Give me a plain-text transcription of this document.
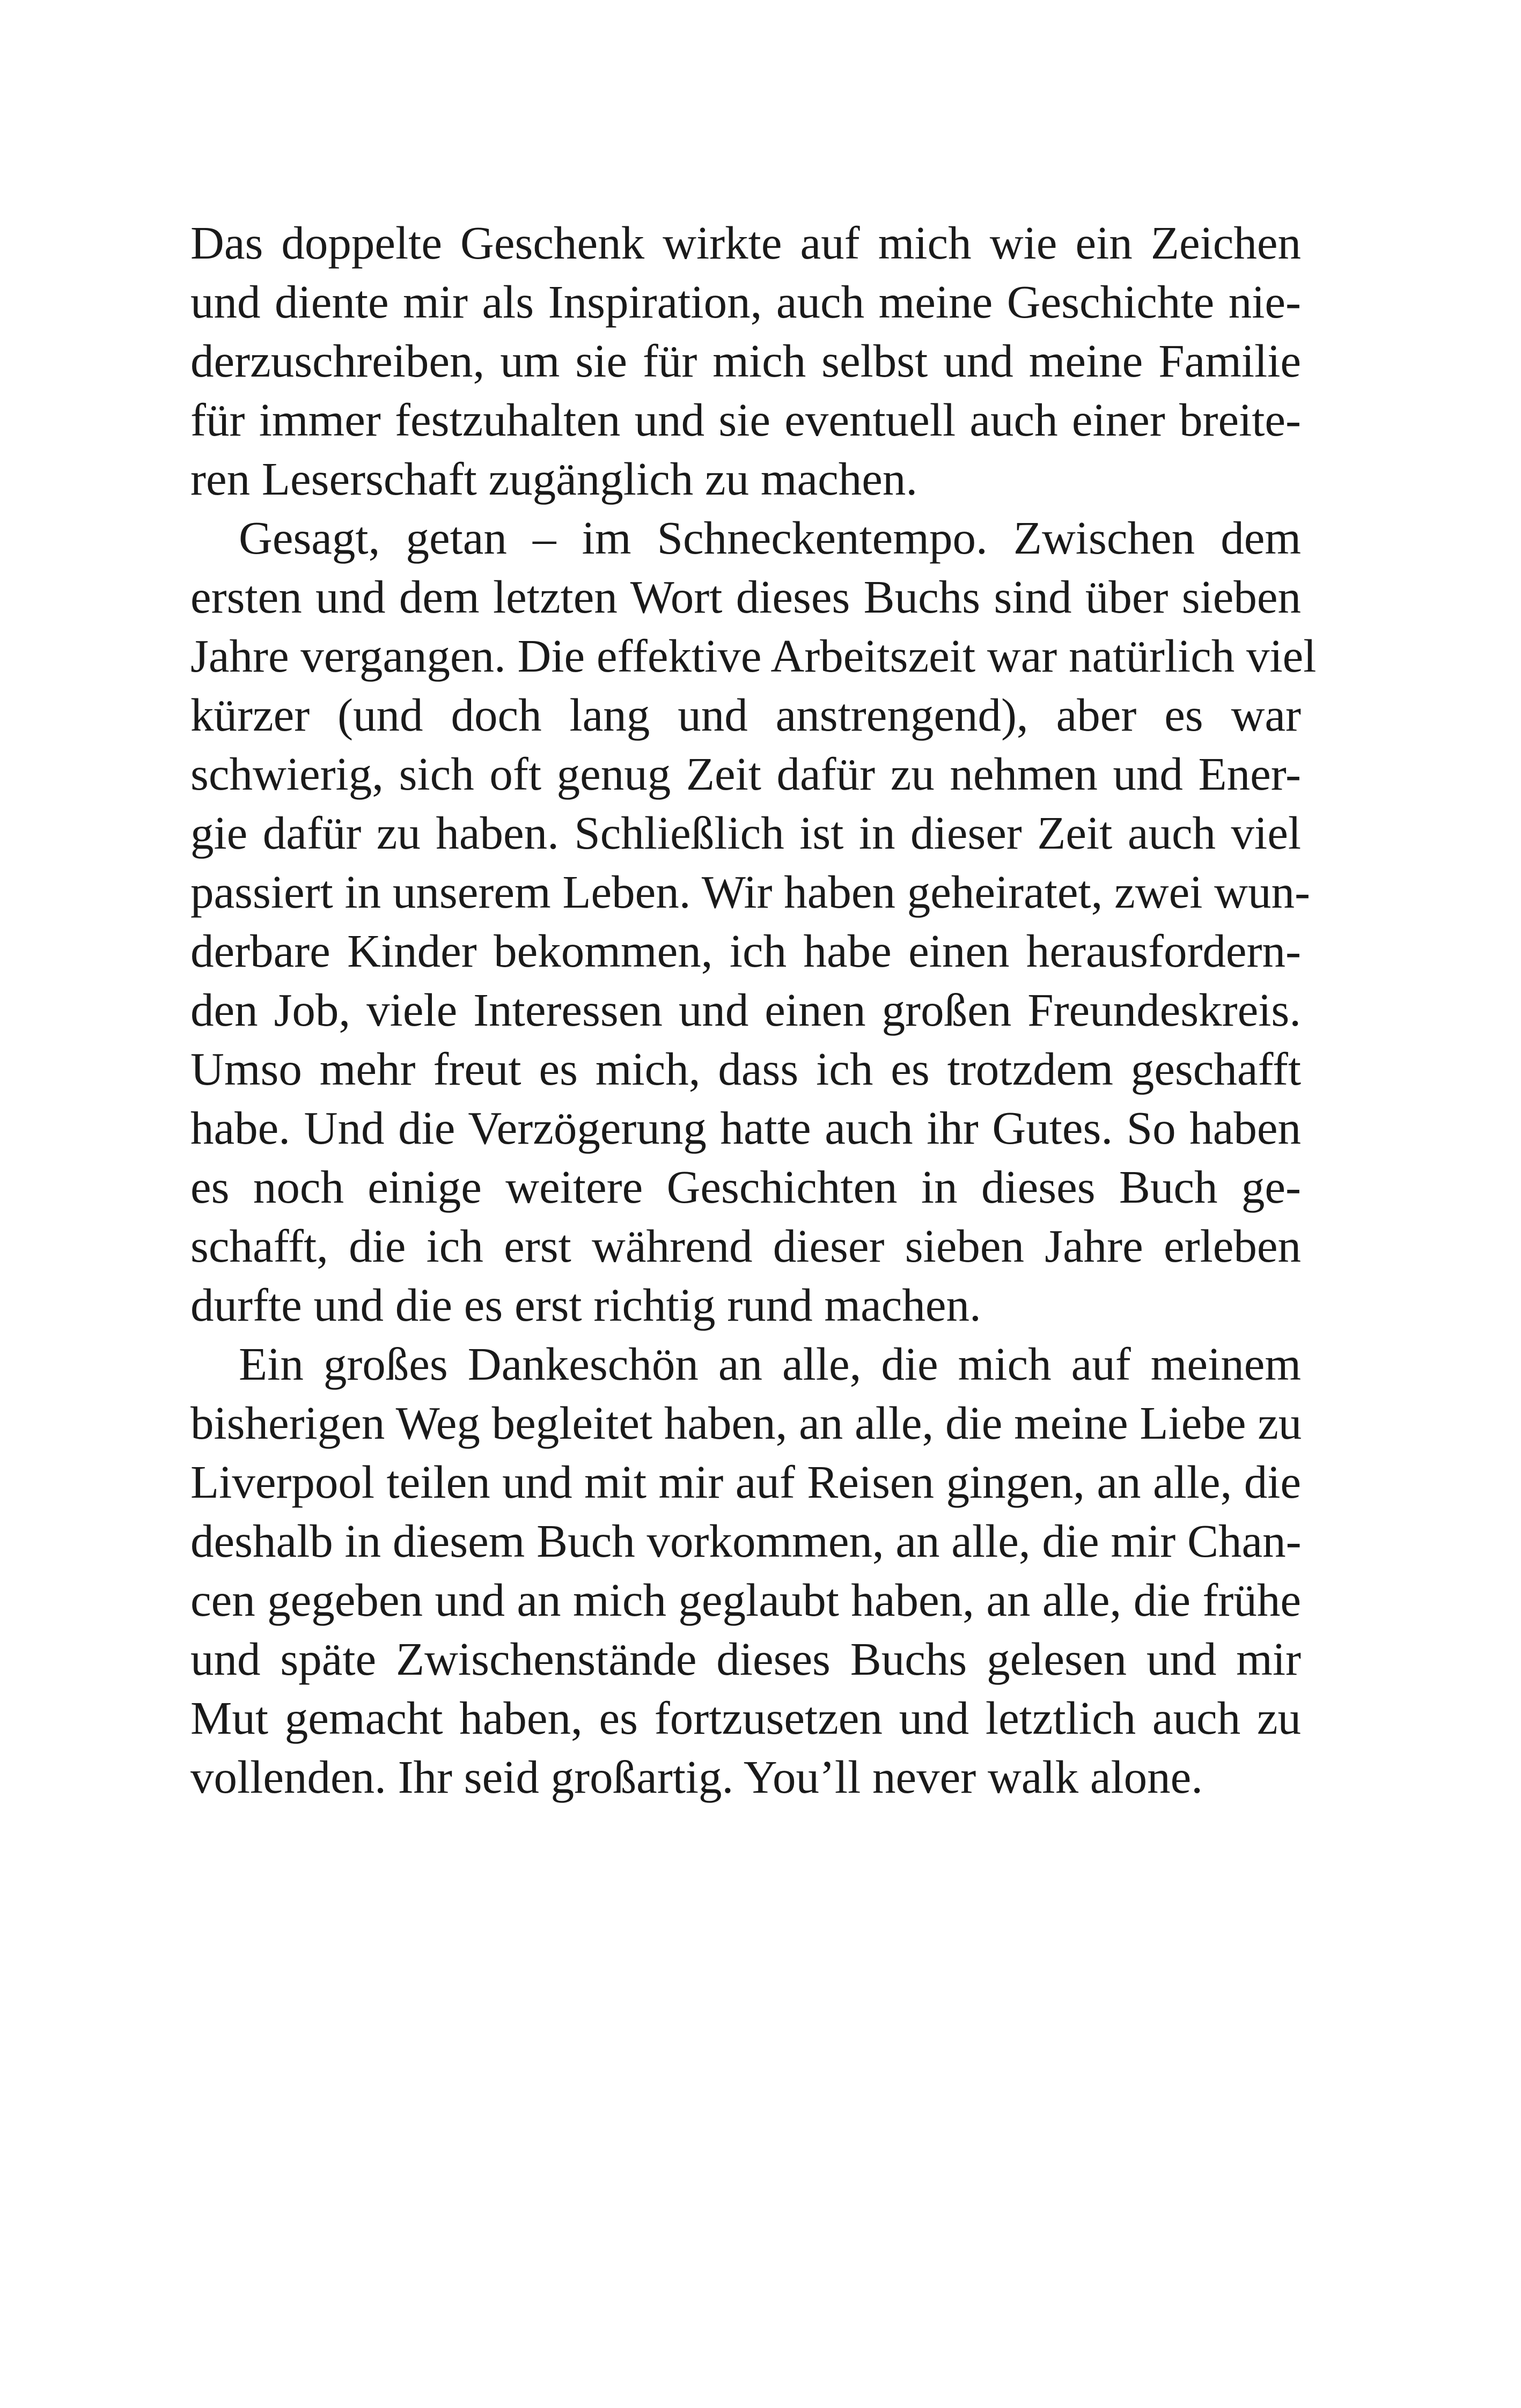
Das doppelte Geschenk wirkte auf mich wie ein Zeichen
und diente mir als Inspiration, auch meine Geschichte nie-
derzuschreiben, um sie für mich selbst und meine Familie
für immer festzuhalten und sie eventuell auch einer breite-
ren Leserschaft zugänglich zu machen.
Gesagt, getan – im Schneckentempo. Zwischen dem
ersten und dem letzten Wort dieses Buchs sind über sieben
Jahre vergangen. Die effektive Arbeitszeit war natürlich viel
kürzer (und doch lang und anstrengend), aber es war
schwierig, sich oft genug Zeit dafür zu nehmen und Ener-
gie dafür zu haben. Schließlich ist in dieser Zeit auch viel
passiert in unserem Leben. Wir haben geheiratet, zwei wun-
derbare Kinder bekommen, ich habe einen herausfordern-
den Job, viele Interessen und einen großen Freundeskreis.
Umso mehr freut es mich, dass ich es trotzdem geschafft
habe. Und die Verzögerung hatte auch ihr Gutes. So haben
es noch einige weitere Geschichten in dieses Buch ge-
schafft, die ich erst während dieser sieben Jahre erleben
durfte und die es erst richtig rund machen.
Ein großes Dankeschön an alle, die mich auf meinem
bisherigen Weg begleitet haben, an alle, die meine Liebe zu
Liverpool teilen und mit mir auf Reisen gingen, an alle, die
deshalb in diesem Buch vorkommen, an alle, die mir Chan-
cen gegeben und an mich geglaubt haben, an alle, die frühe
und späte Zwischenstände dieses Buchs gelesen und mir
Mut gemacht haben, es fortzusetzen und letztlich auch zu
vollenden. Ihr seid großartig. You’ll never walk alone.
